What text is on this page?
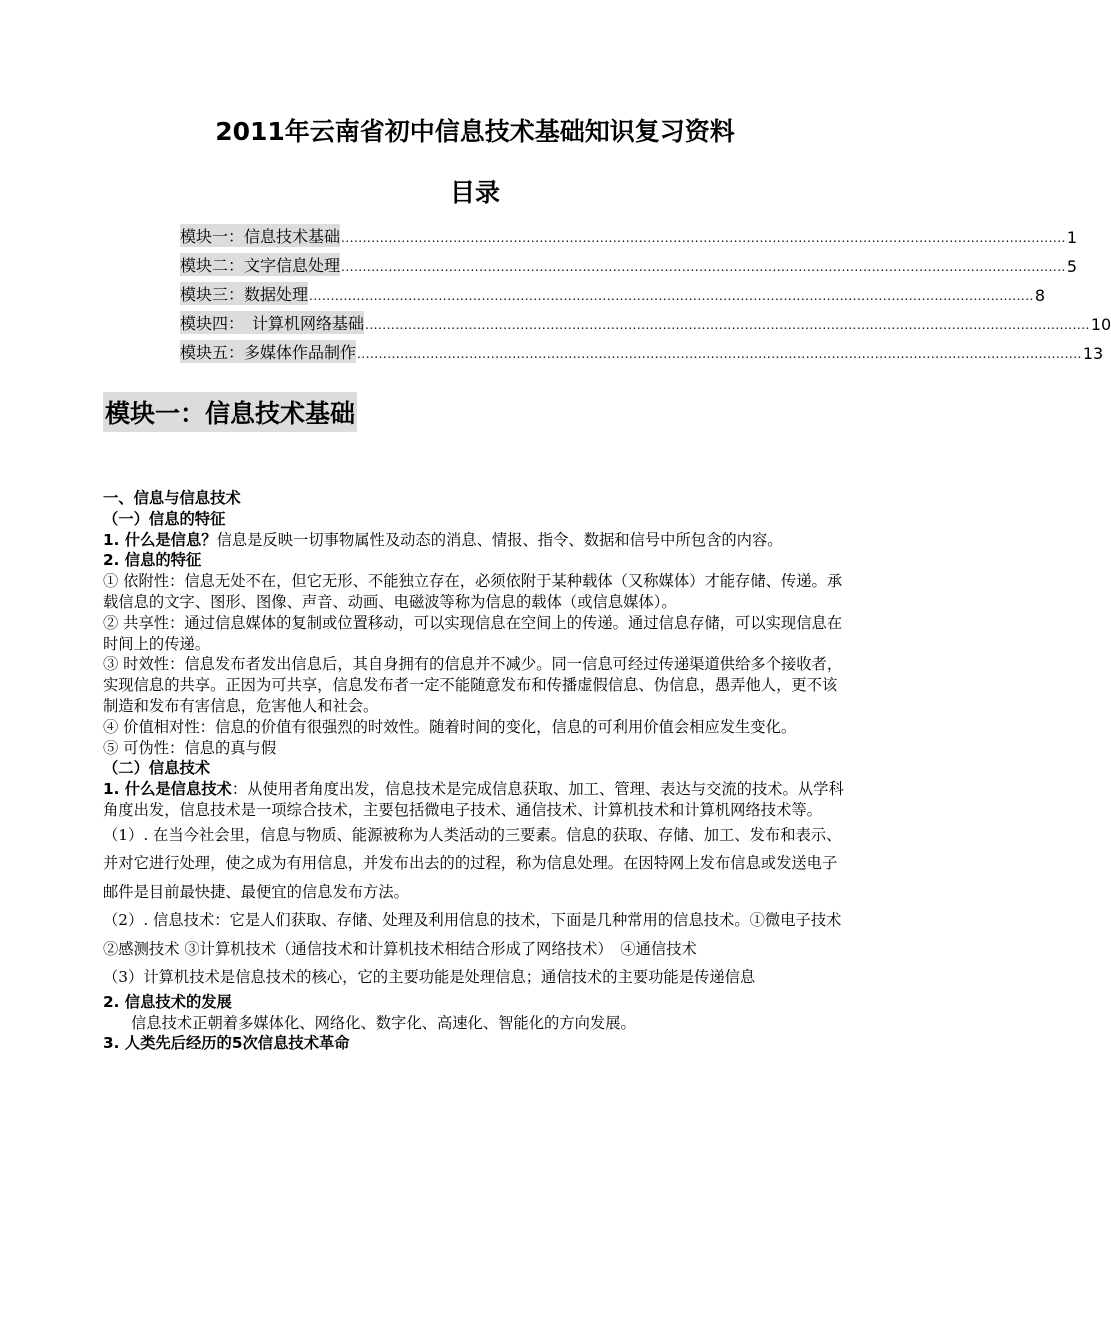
2011年云南省初中信息技术基础知识复习资料
目录
模块一：信息技术基础 ........................................................................................................................................................................ 1
模块二：文字信息处理 ........................................................................................................................................................................ 5
模块三：数据处理 ........................................................................................................................................................................ 8
模块四：　计算机网络基础 ........................................................................................................................................................................ 10
模块五：多媒体作品制作 ........................................................................................................................................................................ 13
模块一：信息技术基础

一、信息与信息技术

（一）信息的特征

1. 什么是信息？信息是反映一切事物属性及动态的消息、情报、指令、数据和信号中所包含的内容。

2. 信息的特征

① 依附性：信息无处不在，但它无形、不能独立存在，必须依附于某种载体（又称媒体）才能存储、传递。承载信息的文字、图形、图像、声音、动画、电磁波等称为信息的载体（或信息媒体）。

② 共享性：通过信息媒体的复制或位置移动，可以实现信息在空间上的传递。通过信息存储，可以实现信息在时间上的传递。

③ 时效性：信息发布者发出信息后，其自身拥有的信息并不减少。同一信息可经过传递渠道供给多个接收者，实现信息的共享。正因为可共享，信息发布者一定不能随意发布和传播虚假信息、伪信息，愚弄他人，更不该制造和发布有害信息，危害他人和社会。

④ 价值相对性：信息的价值有很强烈的时效性。随着时间的变化，信息的可利用价值会相应发生变化。

⑤ 可伪性：信息的真与假

（二）信息技术

1. 什么是信息技术：从使用者角度出发，信息技术是完成信息获取、加工、管理、表达与交流的技术。从学科角度出发，信息技术是一项综合技术，主要包括微电子技术、通信技术、计算机技术和计算机网络技术等。

（1）. 在当今社会里，信息与物质、能源被称为人类活动的三要素。信息的获取、存储、加工、发布和表示、并对它进行处理，使之成为有用信息，并发布出去的的过程，称为信息处理。在因特网上发布信息或发送电子邮件是目前最快捷、最便宜的信息发布方法。

（2）. 信息技术：它是人们获取、存储、处理及利用信息的技术，下面是几种常用的信息技术。①微电子技术 ②感测技术 ③计算机技术（通信技术和计算机技术相结合形成了网络技术）　④通信技术

（3）计算机技术是信息技术的核心，它的主要功能是处理信息；通信技术的主要功能是传递信息

2. 信息技术的发展

信息技术正朝着多媒体化、网络化、数字化、高速化、智能化的方向发展。

3. 人类先后经历的5次信息技术革命
